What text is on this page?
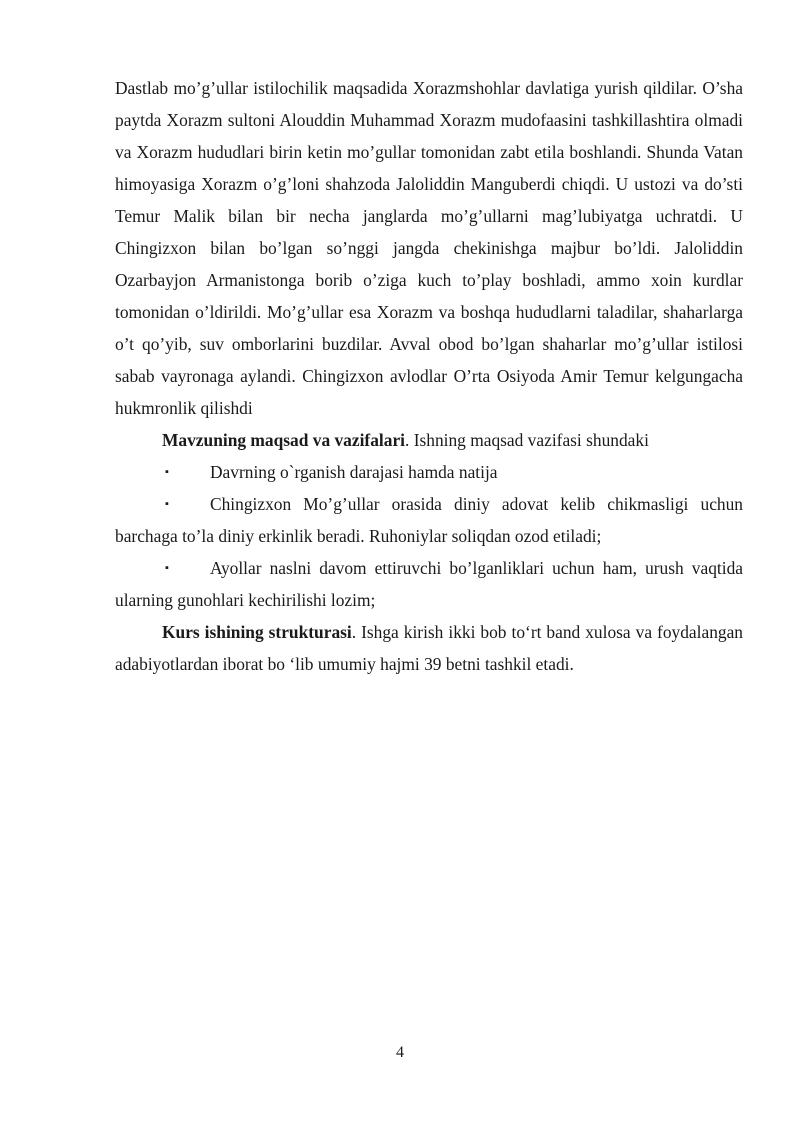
Dastlab mo’g’ullar istilochilik maqsadida Xorazmshohlar davlatiga yurish qildilar. O’sha paytda Xorazm sultoni Alouddin Muhammad Xorazm mudofaasini tashkillashtira olmadi va Xorazm hududlari birin ketin mo’gullar tomonidan zabt etila boshlandi. Shunda Vatan himoyasiga Xorazm o’g’loni shahzoda Jaloliddin Manguberdi chiqdi. U ustozi va do’sti Temur Malik bilan bir necha janglarda mo’g’ullarni mag’lubiyatga uchratdi. U Chingizxon bilan bo’lgan so’nggi jangda chekinishga majbur bo’ldi. Jaloliddin Ozarbayjon Armanistonga borib o’ziga kuch to’play boshladi, ammo xoin kurdlar tomonidan o’ldirildi. Mo’g’ullar esa Xorazm va boshqa hududlarni taladilar, shaharlarga o’t qo’yib, suv omborlarini buzdilar. Avval obod bo’lgan shaharlar mo’g’ullar istilosi sabab vayronaga aylandi. Chingizxon avlodlar O’rta Osiyoda Amir Temur kelgungacha hukmronlik qilishdi

Mavzuning maqsad va vazifalari. Ishning maqsad vazifasi shundaki

▪
Davrning o`rganish darajasi hamda natija

▪
Chingizxon Mo’g’ullar orasida diniy adovat kelib chikmasligi uchun barchaga to’la diniy erkinlik beradi. Ruhoniylar soliqdan ozod etiladi;

▪
Ayollar naslni davom ettiruvchi bo’lganliklari uchun ham, urush vaqtida ularning gunohlari kechirilishi lozim;

Kurs ishining strukturasi. Ishga kirish ikki bob to‘rt band xulosa va foydalangan adabiyotlardan iborat bo ‘lib umumiy hajmi 39 betni tashkil etadi.

4
